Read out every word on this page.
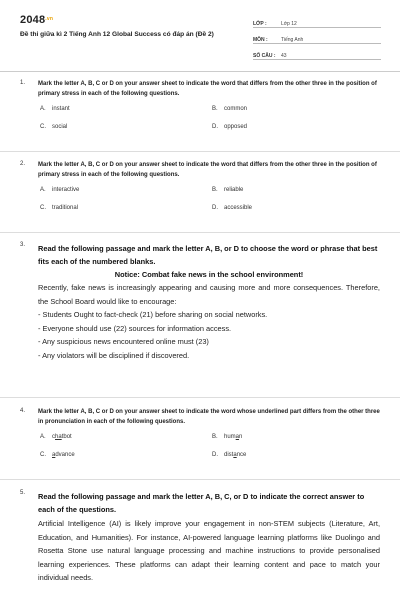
$2048^{.vn}$
Đề thi giữa kì 2 Tiếng Anh 12 Global Success có đáp án (Đề 2)
LỚP :	Lớp 12
MÔN :	Tiếng Anh
SỐ CÂU :	43
1. Mark the letter A, B, C or D on your answer sheet to indicate the word that differs from the other three in the position of primary stress in each of the following questions.
A. instant	B. common
C. social	D. opposed
2. Mark the letter A, B, C or D on your answer sheet to indicate the word that differs from the other three in the position of primary stress in each of the following questions.
A. interactive	B. reliable
C. traditional	D. accessible
3. Read the following passage and mark the letter A, B, or D to choose the word or phrase that best fits each of the numbered blanks.
Notice: Combat fake news in the school environment!
Recently, fake news is increasingly appearing and causing more and more consequences. Therefore, the School Board would like to encourage:
- Students Ought to fact-check (21) before sharing on social networks.
- Everyone should use (22) sources for information access.
- Any suspicious news encountered online must (23)
- Any violators will be disciplined if discovered.
4. Mark the letter A, B, C or D on your answer sheet to indicate the word whose underlined part differs from the other three in pronunciation in each of the following questions.
A. chatbot	B. human
C. advance	D. distance
5. Read the following passage and mark the letter A, B, C, or D to indicate the correct answer to each of the questions.
Artificial Intelligence (AI) is likely improve your engagement in non-STEM subjects (Literature, Art, Education, and Humanities). For instance, AI-powered language learning platforms like Duolingo and Rosetta Stone use natural language processing and machine instructions to provide personalised learning experiences. These platforms can adapt their learning content and pace to match your individual needs.
